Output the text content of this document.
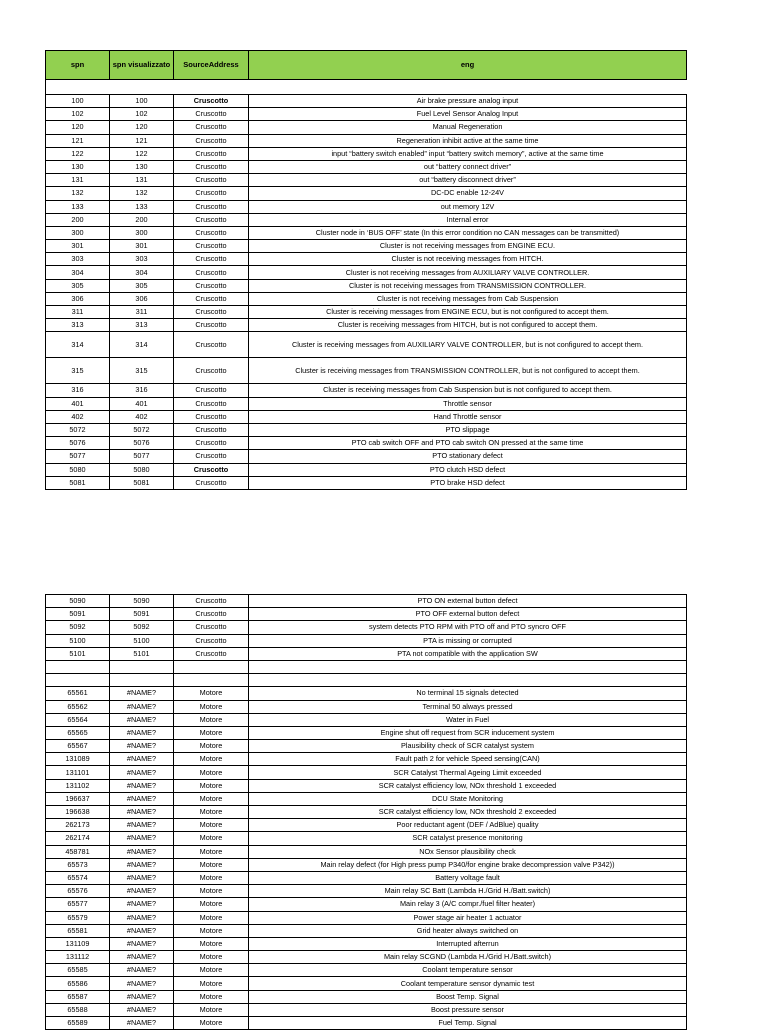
spn	spn visualizzato	SourceAddress	eng

100	100	Cruscotto	Air brake pressure analog input
102	102	Cruscotto	Fuel Level Sensor Analog Input
120	120	Cruscotto	Manual Regeneration
121	121	Cruscotto	Regeneration inhibit active at the same time
122	122	Cruscotto	input “battery switch enabled” input “battery switch memory”, active at the same time
130	130	Cruscotto	out “battery connect driver”
131	131	Cruscotto	out “battery disconnect driver”
132	132	Cruscotto	DC-DC enable 12-24V
133	133	Cruscotto	out memory 12V
200	200	Cruscotto	Internal error
300	300	Cruscotto	Cluster node in ‘BUS OFF’ state (In this error condition no CAN messages can be transmitted)
301	301	Cruscotto	Cluster is not receiving messages from ENGINE ECU.
303	303	Cruscotto	Cluster is not receiving messages from HITCH.
304	304	Cruscotto	Cluster is not receiving messages from AUXILIARY VALVE CONTROLLER.
305	305	Cruscotto	Cluster is not receiving messages from TRANSMISSION CONTROLLER.
306	306	Cruscotto	Cluster is not receiving messages from Cab Suspension
311	311	Cruscotto	Cluster is receiving messages from ENGINE ECU, but is not configured to accept them.
313	313	Cruscotto	Cluster is receiving messages from HITCH, but is not configured to accept them.
314	314	Cruscotto	Cluster is receiving messages from AUXILIARY VALVE CONTROLLER, but is not configured to accept them.
315	315	Cruscotto	Cluster is receiving messages from TRANSMISSION CONTROLLER, but is not configured to accept them.
316	316	Cruscotto	Cluster is receiving messages from Cab Suspension but is not configured to accept them.
401	401	Cruscotto	Throttle sensor
402	402	Cruscotto	Hand Throttle sensor
5072	5072	Cruscotto	PTO slippage
5076	5076	Cruscotto	PTO cab switch OFF and PTO cab switch ON pressed at the same time
5077	5077	Cruscotto	PTO stationary defect
5080	5080	Cruscotto	PTO clutch HSD defect
5081	5081	Cruscotto	PTO brake HSD defect
5090	5090	Cruscotto	PTO ON external button defect
5091	5091	Cruscotto	PTO OFF external button defect
5092	5092	Cruscotto	system detects PTO RPM with PTO off and PTO syncro OFF
5100	5100	Cruscotto	PTA is missing or corrupted
5101	5101	Cruscotto	PTA not compatible with the application SW

65561	#NAME?	Motore	No terminal 15 signals detected
65562	#NAME?	Motore	Terminal 50 always pressed
65564	#NAME?	Motore	Water in Fuel
65565	#NAME?	Motore	Engine shut off request from SCR inducement system
65567	#NAME?	Motore	Plausibility check of SCR catalyst system
131089	#NAME?	Motore	Fault path 2 for vehicle Speed sensing(CAN)
131101	#NAME?	Motore	SCR Catalyst Thermal Ageing Limit exceeded
131102	#NAME?	Motore	SCR catalyst efficiency low, NOx threshold 1 exceeded
196637	#NAME?	Motore	DCU State Monitoring
196638	#NAME?	Motore	SCR catalyst efficiency low, NOx threshold 2 exceeded
262173	#NAME?	Motore	Poor reductant agent (DEF / AdBlue) quality
262174	#NAME?	Motore	SCR catalyst presence monitoring
458781	#NAME?	Motore	NOx Sensor plausibility check
65573	#NAME?	Motore	Main relay defect (for High press pump P340/for engine brake decompression valve P342))
65574	#NAME?	Motore	Battery voltage fault
65576	#NAME?	Motore	Main relay SC Batt (Lambda H./Grid H./Batt.switch)
65577	#NAME?	Motore	Main relay 3 (A/C compr./fuel filter heater)
65579	#NAME?	Motore	Power stage air heater 1 actuator
65581	#NAME?	Motore	Grid heater always switched on
131109	#NAME?	Motore	Interrupted afterrun
131112	#NAME?	Motore	Main relay SCGND (Lambda H./Grid H./Batt.switch)
65585	#NAME?	Motore	Coolant temperature sensor
65586	#NAME?	Motore	Coolant temperature sensor dynamic test
65587	#NAME?	Motore	Boost Temp. Signal
65588	#NAME?	Motore	Boost pressure sensor
65589	#NAME?	Motore	Fuel Temp. Signal
